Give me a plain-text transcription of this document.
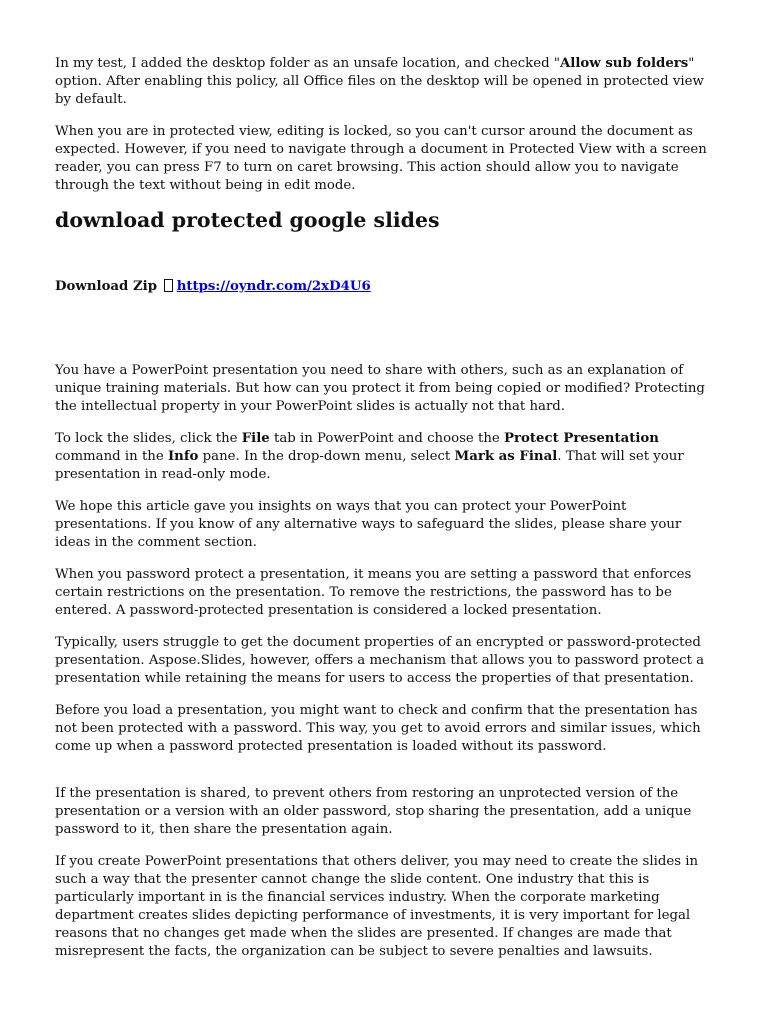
In my test, I added the desktop folder as an unsafe location, and checked "Allow sub folders" option. After enabling this policy, all Office files on the desktop will be opened in protected view by default.

When you are in protected view, editing is locked, so you can't cursor around the document as expected. However, if you need to navigate through a document in Protected View with a screen reader, you can press F7 to turn on caret browsing. This action should allow you to navigate through the text without being in edit mode.

download protected google slides
Download Zip https://oyndr.com/2xD4U6

You have a PowerPoint presentation you need to share with others, such as an explanation of unique training materials. But how can you protect it from being copied or modified? Protecting the intellectual property in your PowerPoint slides is actually not that hard.

To lock the slides, click the File tab in PowerPoint and choose the Protect Presentation command in the Info pane. In the drop-down menu, select Mark as Final. That will set your presentation in read-only mode.

We hope this article gave you insights on ways that you can protect your PowerPoint presentations. If you know of any alternative ways to safeguard the slides, please share your ideas in the comment section.

When you password protect a presentation, it means you are setting a password that enforces certain restrictions on the presentation. To remove the restrictions, the password has to be entered. A password-protected presentation is considered a locked presentation.

Typically, users struggle to get the document properties of an encrypted or password-protected presentation. Aspose.Slides, however, offers a mechanism that allows you to password protect a presentation while retaining the means for users to access the properties of that presentation.

Before you load a presentation, you might want to check and confirm that the presentation has not been protected with a password. This way, you get to avoid errors and similar issues, which come up when a password protected presentation is loaded without its password.

If the presentation is shared, to prevent others from restoring an unprotected version of the presentation or a version with an older password, stop sharing the presentation, add a unique password to it, then share the presentation again.

If you create PowerPoint presentations that others deliver, you may need to create the slides in such a way that the presenter cannot change the slide content. One industry that this is particularly important in is the financial services industry. When the corporate marketing department creates slides depicting performance of investments, it is very important for legal reasons that no changes get made when the slides are presented. If changes are made that misrepresent the facts, the organization can be subject to severe penalties and lawsuits.
